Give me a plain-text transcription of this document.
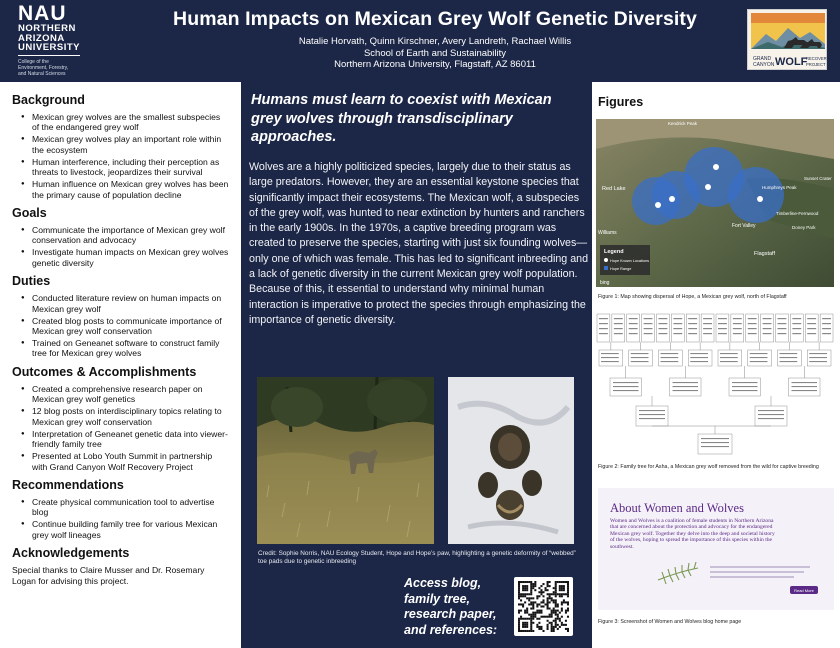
NAU
NORTHERN
ARIZONA
UNIVERSITY
College of the
Environment, Forestry,
and Natural Sciences
Human Impacts on Mexican Grey Wolf Genetic Diversity
Natalie Horvath, Quinn Kirschner, Avery Landreth, Rachael Willis
School of Earth and Sustainability
Northern Arizona University, Flagstaff, AZ 86011	GRAND
CANYON WOLF
RECOVERY
PROJECT
Background
● Mexican grey wolves are the smallest subspecies of the endangered grey wolf
● Mexican grey wolves play an important role within the ecosystem
● Human interference, including their perception as threats to livestock, jeopardizes their survival
● Human influence on Mexican grey wolves has been the primary cause of population decline
Goals
● Communicate the importance of Mexican grey wolf conservation and advocacy
● Investigate human impacts on Mexican grey wolves genetic diversity
Duties
● Conducted literature review on human impacts on Mexican grey wolf
● Created blog posts to communicate importance of Mexican grey wolf conservation
● Trained on Geneanet software to construct family tree for Mexican grey wolves
Outcomes & Accomplishments
● Created a comprehensive research paper on Mexican grey wolf genetics
● 12 blog posts on interdisciplinary topics relating to Mexican grey wolf conservation
● Interpretation of Geneanet genetic data into viewer-friendly family tree
● Presented at Lobo Youth Summit in partnership with Grand Canyon Wolf Recovery Project
Recommendations
● Create physical communication tool to advertise blog
● Continue building family tree for various Mexican grey wolf lineages
Acknowledgements

Special thanks to Claire Musser and Dr. Rosemary Logan for advising this project.

Humans must learn to coexist with Mexican grey wolves through transdisciplinary approaches.

Wolves are a highly politicized species, largely due to their status as large predators. However, they are an essential keystone species that significantly impact their ecosystems. The Mexican wolf, a subspecies of the grey wolf, was hunted to near extinction by hunters and ranchers in the early 1900s. In the 1970s, a captive breeding program was created to preserve the species, starting with just six founding wolves—only one of which was female. This has led to significant inbreeding and a lack of genetic diversity in the current Mexican grey wolf population. Because of this, it essential to understand why minimal human interaction is imperative to protect the species through emphasizing the importance of genetic diversity.

Credit: Sophie Norris, NAU Ecology Student, Hope and Hope’s paw, highlighting a genetic deformity of “webbed” toe pads due to genetic inbreeding

Access blog, family tree, research paper, and references:
Figures
Red Lake
Williams
Humphreys Peak
Sunset Crater
Timberline-Fernwood
Doney Park
Fort Valley
Flagstaff
Kendrick Peak
Legend
Hope Known Locations
Hope Range
bing

Figure 1: Map showing dispersal of Hope, a Mexican grey wolf, north of Flagstaff

Figure 2: Family tree for Asha, a Mexican grey wolf removed from the wild for captive breeding

About Women and Wolves
Women and Wolves is a coalition of female students in Northern Arizona that are concerned about the protection and advocacy for the endangered Mexican grey wolf. Together they delve into the deep and societal history of the wolves, hoping to spread the importance of this species within the southwest.
Read More

Figure 3: Screenshot of Women and Wolves blog home page
